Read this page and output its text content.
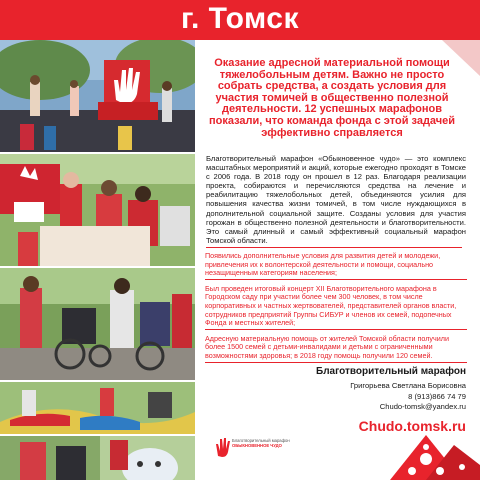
г. Томск
Оказание адресной материальной помощи тяжелобольным детям. Важно не просто собрать средства, а создать условия для участия томичей в общественно полезной деятельности. 12 успешных марафонов показали, что команда фонда с этой задачей эффективно справляется

Благотворительный марафон «Обыкновенное чудо» — это комплекс масштабных мероприятий и акций, которые ежегодно проходят в Томске с 2006 года. В 2018 году он прошел в 12 раз. Благодаря реализации проекта, собираются и перечисляются средства на лечение и реабилитацию тяжелобольных детей, объединяются усилия для повышения качества жизни томичей, в том числе нуждающихся в дополнительной социальной защите. Созданы условия для участия горожан в общественно полезной деятельности и благотворительности. Это самый длинный и самый эффективный социальный марафон Томской области.

Появились дополнительные условия для развития детей и молодежи, привлечения их к волонтерской деятельности и помощи, социально незащищенным категориям населения;
Был проведен итоговый концерт XII Благотворительного марафона в Городском саду при участии более чем 300 человек, в том числе корпоративных и частных жертвователей, представителей органов власти, сотрудников предприятий Группы СИБУР и членов их семей, подопечных Фонда и местных жителей;
Адресную материальную помощь от жителей Томской области получили более 1500 семей с детьми-инвалидами и детьми с ограниченными возможностями здоровья; в 2018 году помощь получили 120 семей.
Благотворительный марафон
Григорьева Светлана Борисовна
8 (913)866 74 79
Chudo-tomsk@yandex.ru
Chudo.tomsk.ru
Благотворительный марафон
ОБЫКНОВЕННОЕ ЧУДО
